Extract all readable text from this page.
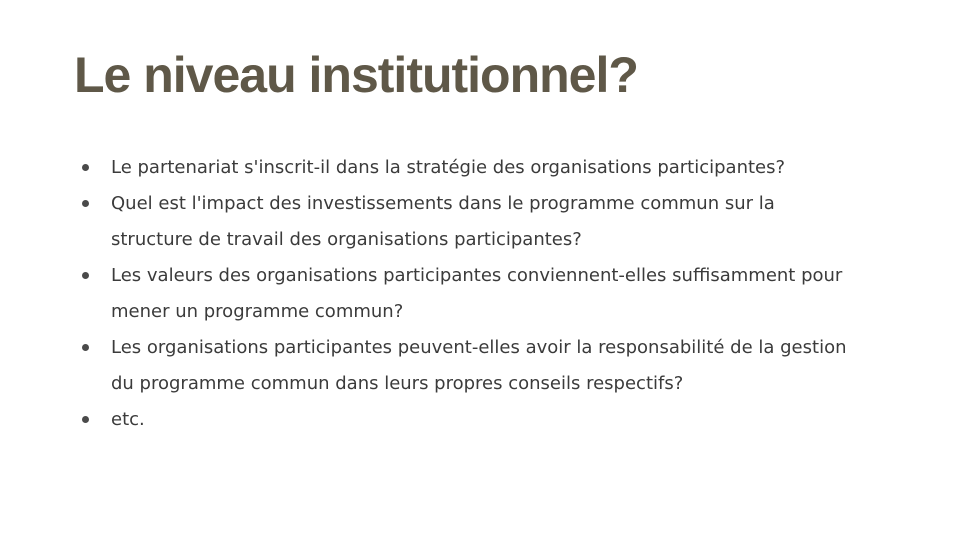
Le niveau institutionnel?
Le partenariat s'inscrit-il dans la stratégie des organisations participantes?
Quel est l'impact des investissements dans le programme commun sur la structure de travail des organisations participantes?
Les valeurs des organisations participantes conviennent-elles suffisamment pour mener un programme commun?
Les organisations participantes peuvent-elles avoir la responsabilité de la gestion du programme commun dans leurs propres conseils respectifs?
etc.
